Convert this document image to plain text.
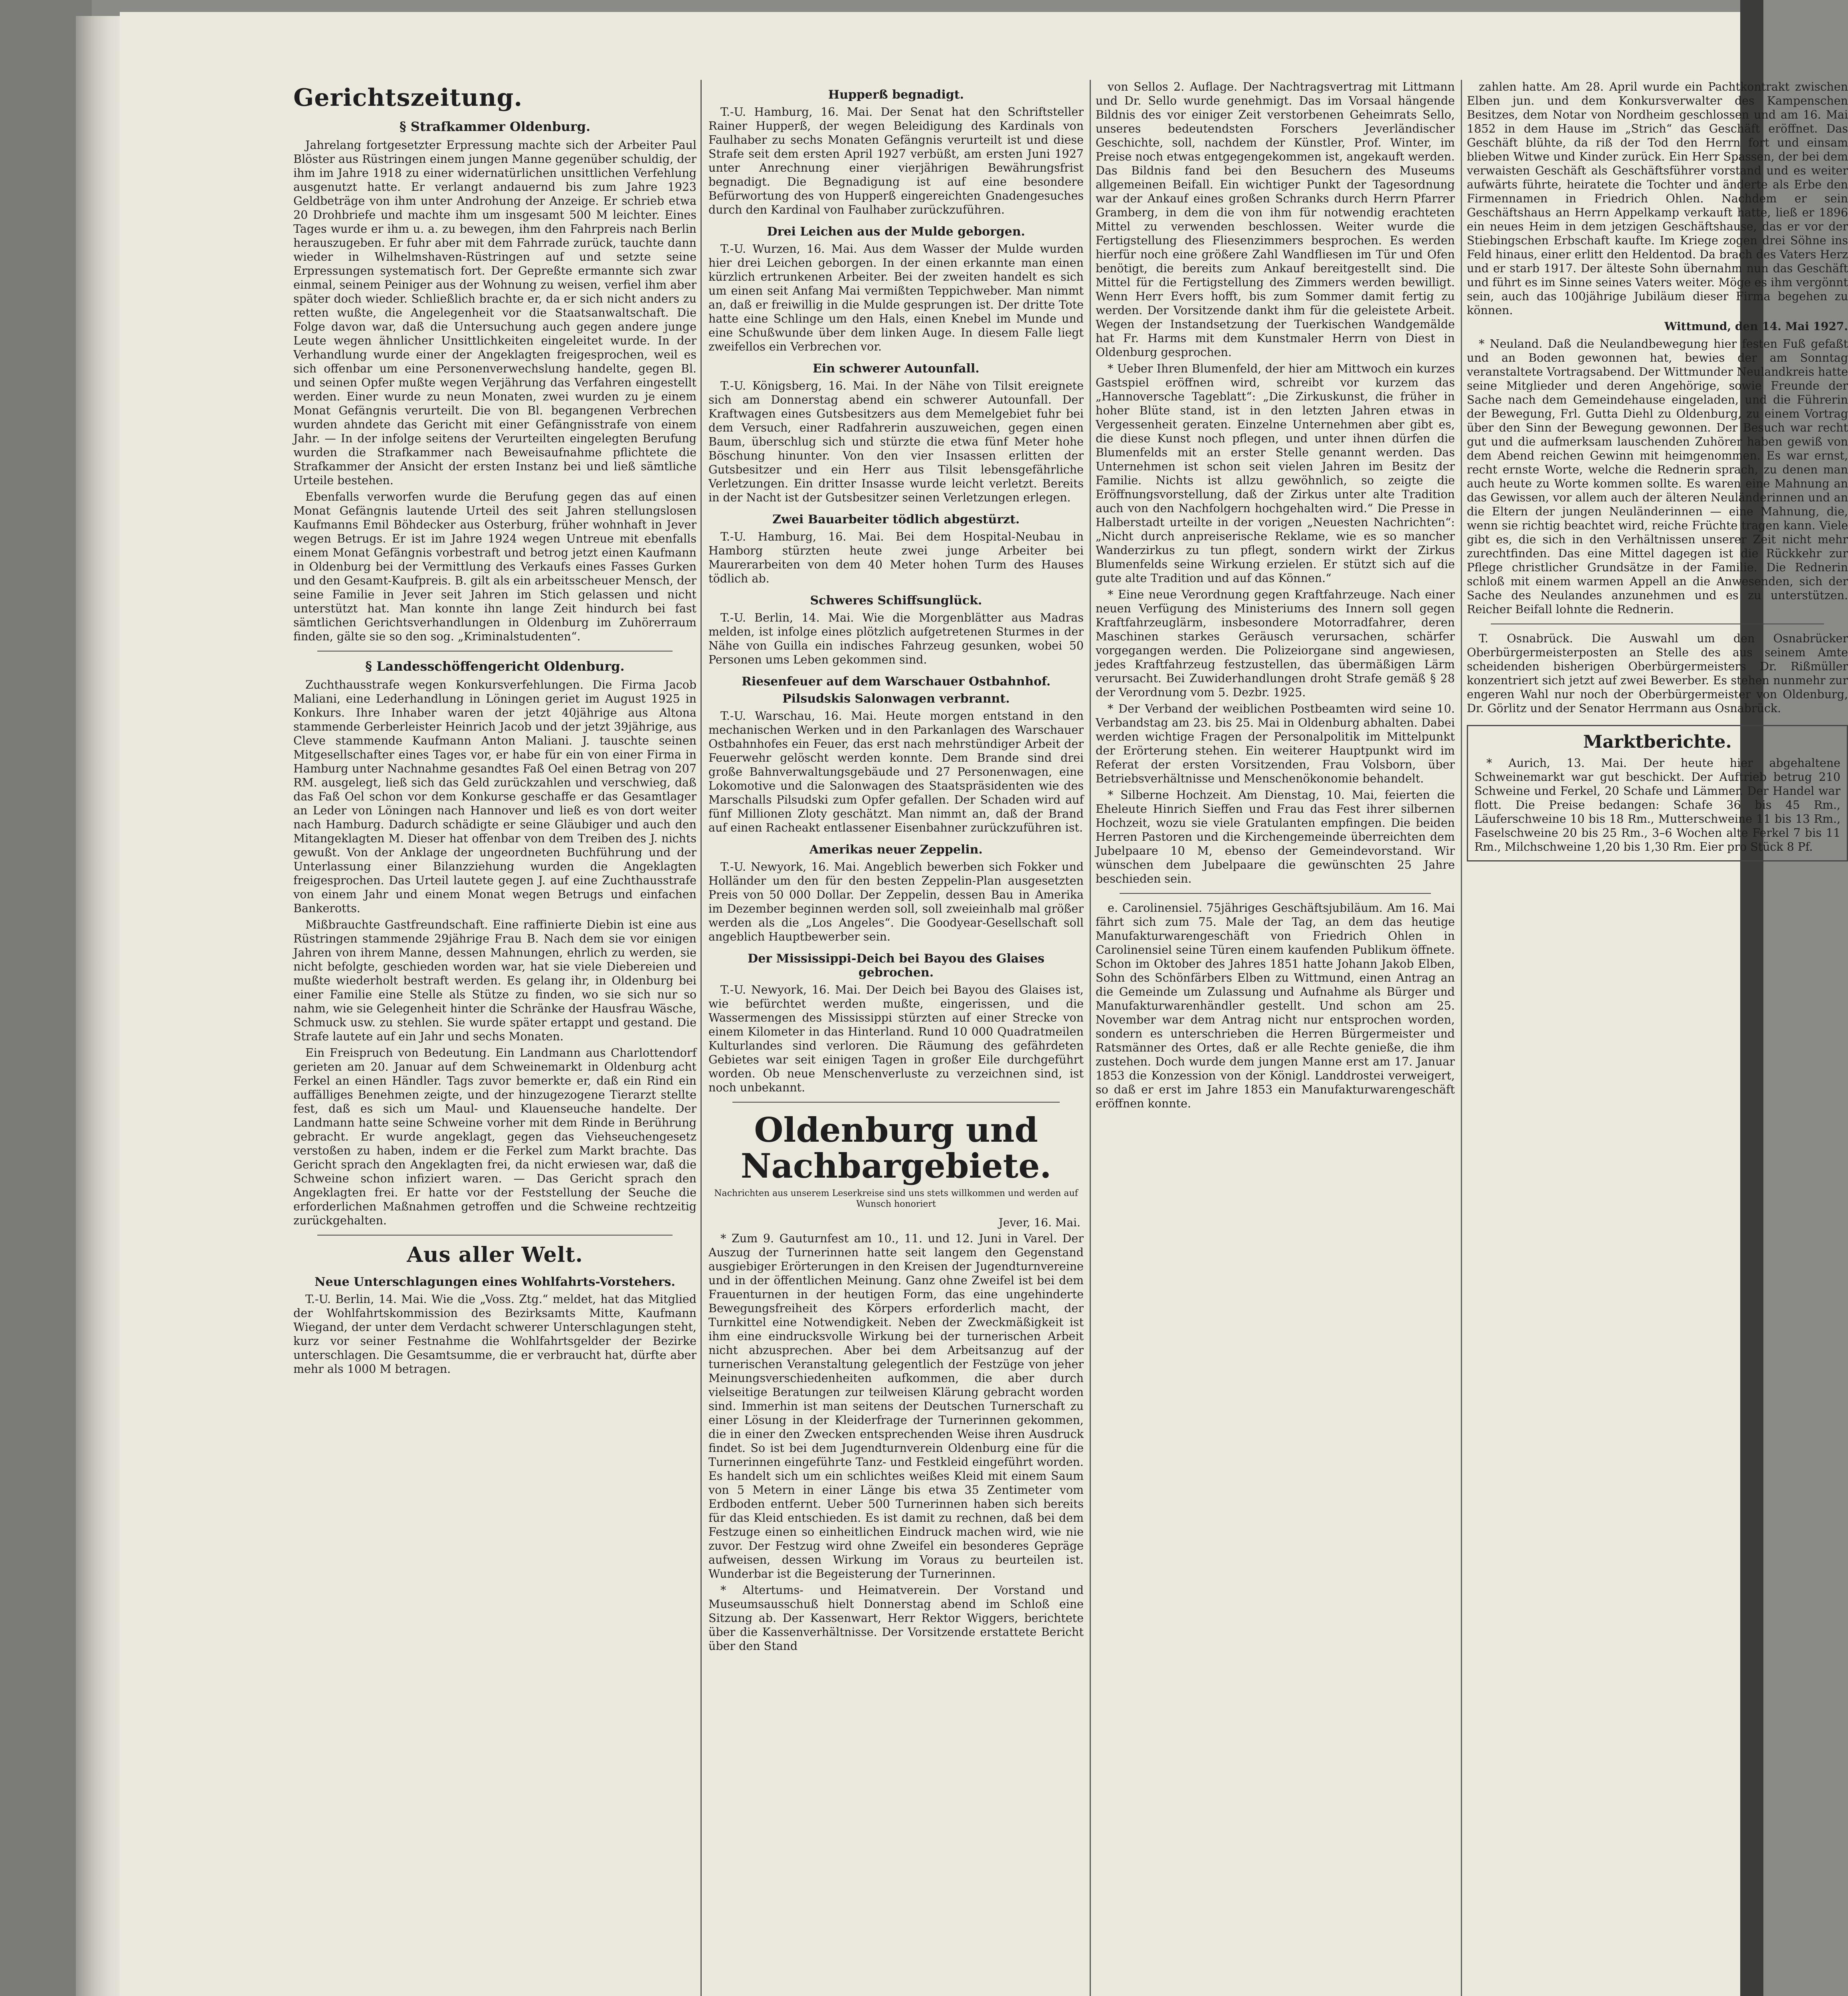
Gerichtszeitung.
§ Strafkammer Oldenburg.

Jahrelang fortgesetzter Erpressung machte sich der Arbeiter Paul Blöster aus Rüstringen einem jungen Manne gegenüber schuldig, der ihm im Jahre 1918 zu einer widernatürlichen unsittlichen Verfehlung ausgenutzt hatte. Er verlangt andauernd bis zum Jahre 1923 Geldbeträge von ihm unter Androhung der Anzeige. Er schrieb etwa 20 Drohbriefe und machte ihm um insgesamt 500 M leichter. Eines Tages wurde er ihm u. a. zu bewegen, ihm den Fahrpreis nach Berlin herauszugeben. Er fuhr aber mit dem Fahrrade zurück, tauchte dann wieder in Wilhelmshaven-Rüstringen auf und setzte seine Erpressungen systematisch fort. Der Gepreßte ermannte sich zwar einmal, seinem Peiniger aus der Wohnung zu weisen, verfiel ihm aber später doch wieder. Schließlich brachte er, da er sich nicht anders zu retten wußte, die Angelegenheit vor die Staatsanwaltschaft. Die Folge davon war, daß die Untersuchung auch gegen andere junge Leute wegen ähnlicher Unsittlichkeiten eingeleitet wurde. In der Verhandlung wurde einer der Angeklagten freigesprochen, weil es sich offenbar um eine Personenverwechslung handelte, gegen Bl. und seinen Opfer mußte wegen Verjährung das Verfahren eingestellt werden. Einer wurde zu neun Monaten, zwei wurden zu je einem Monat Gefängnis verurteilt. Die von Bl. begangenen Verbrechen wurden ahndete das Gericht mit einer Gefängnisstrafe von einem Jahr. — In der infolge seitens der Verurteilten eingelegten Berufung wurden die Strafkammer nach Beweisaufnahme pflichtete die Strafkammer der Ansicht der ersten Instanz bei und ließ sämtliche Urteile bestehen.

Ebenfalls verworfen wurde die Berufung gegen das auf einen Monat Gefängnis lautende Urteil des seit Jahren stellungslosen Kaufmanns Emil Böhdecker aus Osterburg, früher wohnhaft in Jever wegen Betrugs. Er ist im Jahre 1924 wegen Untreue mit ebenfalls einem Monat Gefängnis vorbestraft und betrog jetzt einen Kaufmann in Oldenburg bei der Vermittlung des Verkaufs eines Fasses Gurken und den Gesamt-Kaufpreis. B. gilt als ein arbeitsscheuer Mensch, der seine Familie in Jever seit Jahren im Stich gelassen und nicht unterstützt hat. Man konnte ihn lange Zeit hindurch bei fast sämtlichen Gerichtsverhandlungen in Oldenburg im Zuhörerraum finden, gälte sie so den sog. „Kriminalstudenten“.

§ Landesschöffengericht Oldenburg.

Zuchthausstrafe wegen Konkursverfehlungen. Die Firma Jacob Maliani, eine Lederhandlung in Löningen geriet im August 1925 in Konkurs. Ihre Inhaber waren der jetzt 40jährige aus Altona stammende Gerberleister Heinrich Jacob und der jetzt 39jährige, aus Cleve stammende Kaufmann Anton Maliani. J. tauschte seinen Mitgesellschafter eines Tages vor, er habe für ein von einer Firma in Hamburg unter Nachnahme gesandtes Faß Oel einen Betrag von 207 RM. ausgelegt, ließ sich das Geld zurückzahlen und verschwieg, daß das Faß Oel schon vor dem Konkurse geschaffe er das Gesamtlager an Leder von Löningen nach Hannover und ließ es von dort weiter nach Hamburg. Dadurch schädigte er seine Gläubiger und auch den Mitangeklagten M. Dieser hat offenbar von dem Treiben des J. nichts gewußt. Von der Anklage der ungeordneten Buchführung und der Unterlassung einer Bilanzziehung wurden die Angeklagten freigesprochen. Das Urteil lautete gegen J. auf eine Zuchthausstrafe von einem Jahr und einem Monat wegen Betrugs und einfachen Bankerotts.

Mißbrauchte Gastfreundschaft. Eine raffinierte Diebin ist eine aus Rüstringen stammende 29jährige Frau B. Nach dem sie vor einigen Jahren von ihrem Manne, dessen Mahnungen, ehrlich zu werden, sie nicht befolgte, geschieden worden war, hat sie viele Diebereien und mußte wiederholt bestraft werden. Es gelang ihr, in Oldenburg bei einer Familie eine Stelle als Stütze zu finden, wo sie sich nur so nahm, wie sie Gelegenheit hinter die Schränke der Hausfrau Wäsche, Schmuck usw. zu stehlen. Sie wurde später ertappt und gestand. Die Strafe lautete auf ein Jahr und sechs Monaten.

Ein Freispruch von Bedeutung. Ein Landmann aus Charlottendorf gerieten am 20. Januar auf dem Schweinemarkt in Oldenburg acht Ferkel an einen Händler. Tags zuvor bemerkte er, daß ein Rind ein auffälliges Benehmen zeigte, und der hinzugezogene Tierarzt stellte fest, daß es sich um Maul- und Klauenseuche handelte. Der Landmann hatte seine Schweine vorher mit dem Rinde in Berührung gebracht. Er wurde angeklagt, gegen das Viehseuchengesetz verstoßen zu haben, indem er die Ferkel zum Markt brachte. Das Gericht sprach den Angeklagten frei, da nicht erwiesen war, daß die Schweine schon infiziert waren. — Das Gericht sprach den Angeklagten frei. Er hatte vor der Feststellung der Seuche die erforderlichen Maßnahmen getroffen und die Schweine rechtzeitig zurückgehalten.

Aus aller Welt.
Neue Unterschlagungen eines Wohlfahrts-Vorstehers.

T.-U. Berlin, 14. Mai. Wie die „Voss. Ztg.“ meldet, hat das Mitglied der Wohlfahrtskommission des Bezirksamts Mitte, Kaufmann Wiegand, der unter dem Verdacht schwerer Unterschlagungen steht, kurz vor seiner Festnahme die Wohlfahrtsgelder der Bezirke unterschlagen. Die Gesamtsumme, die er verbraucht hat, dürfte aber mehr als 1000 M betragen.

Hupperß begnadigt.

T.-U. Hamburg, 16. Mai. Der Senat hat den Schriftsteller Rainer Hupperß, der wegen Beleidigung des Kardinals von Faulhaber zu sechs Monaten Gefängnis verurteilt ist und diese Strafe seit dem ersten April 1927 verbüßt, am ersten Juni 1927 unter Anrechnung einer vierjährigen Bewährungsfrist begnadigt. Die Begnadigung ist auf eine besondere Befürwortung des von Hupperß eingereichten Gnadengesuches durch den Kardinal von Faulhaber zurückzuführen.

Drei Leichen aus der Mulde geborgen.

T.-U. Wurzen, 16. Mai. Aus dem Wasser der Mulde wurden hier drei Leichen geborgen. In der einen erkannte man einen kürzlich ertrunkenen Arbeiter. Bei der zweiten handelt es sich um einen seit Anfang Mai vermißten Teppichweber. Man nimmt an, daß er freiwillig in die Mulde gesprungen ist. Der dritte Tote hatte eine Schlinge um den Hals, einen Knebel im Munde und eine Schußwunde über dem linken Auge. In diesem Falle liegt zweifellos ein Verbrechen vor.

Ein schwerer Autounfall.

T.-U. Königsberg, 16. Mai. In der Nähe von Tilsit ereignete sich am Donnerstag abend ein schwerer Autounfall. Der Kraftwagen eines Gutsbesitzers aus dem Memelgebiet fuhr bei dem Versuch, einer Radfahrerin auszuweichen, gegen einen Baum, überschlug sich und stürzte die etwa fünf Meter hohe Böschung hinunter. Von den vier Insassen erlitten der Gutsbesitzer und ein Herr aus Tilsit lebensgefährliche Verletzungen. Ein dritter Insasse wurde leicht verletzt. Bereits in der Nacht ist der Gutsbesitzer seinen Verletzungen erlegen.

Zwei Bauarbeiter tödlich abgestürzt.

T.-U. Hamburg, 16. Mai. Bei dem Hospital-Neubau in Hamborg stürzten heute zwei junge Arbeiter bei Maurerarbeiten von dem 40 Meter hohen Turm des Hauses tödlich ab.

Schweres Schiffsunglück.

T.-U. Berlin, 14. Mai. Wie die Morgenblätter aus Madras melden, ist infolge eines plötzlich aufgetretenen Sturmes in der Nähe von Guilla ein indisches Fahrzeug gesunken, wobei 50 Personen ums Leben gekommen sind.

Riesenfeuer auf dem Warschauer Ostbahnhof.
Pilsudskis Salonwagen verbrannt.

T.-U. Warschau, 16. Mai. Heute morgen entstand in den mechanischen Werken und in den Parkanlagen des Warschauer Ostbahnhofes ein Feuer, das erst nach mehrstündiger Arbeit der Feuerwehr gelöscht werden konnte. Dem Brande sind drei große Bahnverwaltungsgebäude und 27 Personenwagen, eine Lokomotive und die Salonwagen des Staatspräsidenten wie des Marschalls Pilsudski zum Opfer gefallen. Der Schaden wird auf fünf Millionen Zloty geschätzt. Man nimmt an, daß der Brand auf einen Racheakt entlassener Eisenbahner zurückzuführen ist.

Amerikas neuer Zeppelin.

T.-U. Newyork, 16. Mai. Angeblich bewerben sich Fokker und Holländer um den für den besten Zeppelin-Plan ausgesetzten Preis von 50 000 Dollar. Der Zeppelin, dessen Bau in Amerika im Dezember beginnen werden soll, soll zweieinhalb mal größer werden als die „Los Angeles“. Die Goodyear-Gesellschaft soll angeblich Hauptbewerber sein.

Der Mississippi-Deich bei Bayou des Glaises gebrochen.

T.-U. Newyork, 16. Mai. Der Deich bei Bayou des Glaises ist, wie befürchtet werden mußte, eingerissen, und die Wassermengen des Mississippi stürzten auf einer Strecke von einem Kilometer in das Hinterland. Rund 10 000 Quadratmeilen Kulturlandes sind verloren. Die Räumung des gefährdeten Gebietes war seit einigen Tagen in großer Eile durchgeführt worden. Ob neue Menschenverluste zu verzeichnen sind, ist noch unbekannt.

Oldenburg und Nachbargebiete.
Nachrichten aus unserem Leserkreise sind uns stets willkommen und werden auf Wunsch honoriert
Jever, 16. Mai.

* Zum 9. Gauturnfest am 10., 11. und 12. Juni in Varel. Der Auszug der Turnerinnen hatte seit langem den Gegenstand ausgiebiger Erörterungen in den Kreisen der Jugendturnvereine und in der öffentlichen Meinung. Ganz ohne Zweifel ist bei dem Frauenturnen in der heutigen Form, das eine ungehinderte Bewegungsfreiheit des Körpers erforderlich macht, der Turnkittel eine Notwendigkeit. Neben der Zweckmäßigkeit ist ihm eine eindrucksvolle Wirkung bei der turnerischen Arbeit nicht abzusprechen. Aber bei dem Arbeitsanzug auf der turnerischen Veranstaltung gelegentlich der Festzüge von jeher Meinungsverschiedenheiten aufkommen, die aber durch vielseitige Beratungen zur teilweisen Klärung gebracht worden sind. Immerhin ist man seitens der Deutschen Turnerschaft zu einer Lösung in der Kleiderfrage der Turnerinnen gekommen, die in einer den Zwecken entsprechenden Weise ihren Ausdruck findet. So ist bei dem Jugendturnverein Oldenburg eine für die Turnerinnen eingeführte Tanz- und Festkleid eingeführt worden. Es handelt sich um ein schlichtes weißes Kleid mit einem Saum von 5 Metern in einer Länge bis etwa 35 Zentimeter vom Erdboden entfernt. Ueber 500 Turnerinnen haben sich bereits für das Kleid entschieden. Es ist damit zu rechnen, daß bei dem Festzuge einen so einheitlichen Eindruck machen wird, wie nie zuvor. Der Festzug wird ohne Zweifel ein besonderes Gepräge aufweisen, dessen Wirkung im Voraus zu beurteilen ist. Wunderbar ist die Begeisterung der Turnerinnen.

* Altertums- und Heimatverein. Der Vorstand und Museumsausschuß hielt Donnerstag abend im Schloß eine Sitzung ab. Der Kassenwart, Herr Rektor Wiggers, berichtete über die Kassenverhältnisse. Der Vorsitzende erstattete Bericht über den Stand

von Sellos 2. Auflage. Der Nachtragsvertrag mit Littmann und Dr. Sello wurde genehmigt. Das im Vorsaal hängende Bildnis des vor einiger Zeit verstorbenen Geheimrats Sello, unseres bedeutendsten Forschers Jeverländischer Geschichte, soll, nachdem der Künstler, Prof. Winter, im Preise noch etwas entgegengekommen ist, angekauft werden. Das Bildnis fand bei den Besuchern des Museums allgemeinen Beifall. Ein wichtiger Punkt der Tagesordnung war der Ankauf eines großen Schranks durch Herrn Pfarrer Gramberg, in dem die von ihm für notwendig erachteten Mittel zu verwenden beschlossen. Weiter wurde die Fertigstellung des Fliesenzimmers besprochen. Es werden hierfür noch eine größere Zahl Wandfliesen im Tür und Ofen benötigt, die bereits zum Ankauf bereitgestellt sind. Die Mittel für die Fertigstellung des Zimmers werden bewilligt. Wenn Herr Evers hofft, bis zum Sommer damit fertig zu werden. Der Vorsitzende dankt ihm für die geleistete Arbeit. Wegen der Instandsetzung der Tuerkischen Wandgemälde hat Fr. Harms mit dem Kunstmaler Herrn von Diest in Oldenburg gesprochen.

* Ueber Ihren Blumenfeld, der hier am Mittwoch ein kurzes Gastspiel eröffnen wird, schreibt vor kurzem das „Hannoversche Tageblatt“: „Die Zirkuskunst, die früher in hoher Blüte stand, ist in den letzten Jahren etwas in Vergessenheit geraten. Einzelne Unternehmen aber gibt es, die diese Kunst noch pflegen, und unter ihnen dürfen die Blumenfelds mit an erster Stelle genannt werden. Das Unternehmen ist schon seit vielen Jahren im Besitz der Familie. Nichts ist allzu gewöhnlich, so zeigte die Eröffnungsvorstellung, daß der Zirkus unter alte Tradition auch von den Nachfolgern hochgehalten wird.“ Die Presse in Halberstadt urteilte in der vorigen „Neuesten Nachrichten“: „Nicht durch anpreiserische Reklame, wie es so mancher Wanderzirkus zu tun pflegt, sondern wirkt der Zirkus Blumenfelds seine Wirkung erzielen. Er stützt sich auf die gute alte Tradition und auf das Können.“

* Eine neue Verordnung gegen Kraftfahrzeuge. Nach einer neuen Verfügung des Ministeriums des Innern soll gegen Kraftfahrzeuglärm, insbesondere Motorradfahrer, deren Maschinen starkes Geräusch verursachen, schärfer vorgegangen werden. Die Polizeiorgane sind angewiesen, jedes Kraftfahrzeug festzustellen, das übermäßigen Lärm verursacht. Bei Zuwiderhandlungen droht Strafe gemäß § 28 der Verordnung vom 5. Dezbr. 1925.

* Der Verband der weiblichen Postbeamten wird seine 10. Verbandstag am 23. bis 25. Mai in Oldenburg abhalten. Dabei werden wichtige Fragen der Personalpolitik im Mittelpunkt der Erörterung stehen. Ein weiterer Hauptpunkt wird im Referat der ersten Vorsitzenden, Frau Volsborn, über Betriebsverhältnisse und Menschenökonomie behandelt.

* Silberne Hochzeit. Am Dienstag, 10. Mai, feierten die Eheleute Hinrich Sieffen und Frau das Fest ihrer silbernen Hochzeit, wozu sie viele Gratulanten empfingen. Die beiden Herren Pastoren und die Kirchengemeinde überreichten dem Jubelpaare 10 M, ebenso der Gemeindevorstand. Wir wünschen dem Jubelpaare die gewünschten 25 Jahre beschieden sein.

e. Carolinensiel. 75jähriges Geschäftsjubiläum. Am 16. Mai fährt sich zum 75. Male der Tag, an dem das heutige Manufakturwarengeschäft von Friedrich Ohlen in Carolinensiel seine Türen einem kaufenden Publikum öffnete. Schon im Oktober des Jahres 1851 hatte Johann Jakob Elben, Sohn des Schönfärbers Elben zu Wittmund, einen Antrag an die Gemeinde um Zulassung und Aufnahme als Bürger und Manufakturwarenhändler gestellt. Und schon am 25. November war dem Antrag nicht nur entsprochen worden, sondern es unterschrieben die Herren Bürgermeister und Ratsmänner des Ortes, daß er alle Rechte genieße, die ihm zustehen. Doch wurde dem jungen Manne erst am 17. Januar 1853 die Konzession von der Königl. Landdrostei verweigert, so daß er erst im Jahre 1853 ein Manufakturwarengeschäft eröffnen konnte.

zahlen hatte. Am 28. April wurde ein Pachtkontrakt zwischen Elben jun. und dem Konkursverwalter des Kampenschen Besitzes, dem Notar von Nordheim geschlossen und am 16. Mai 1852 in dem Hause im „Strich“ das Geschäft eröffnet. Das Geschäft blühte, da riß der Tod den Herrn fort und einsam blieben Witwe und Kinder zurück. Ein Herr Spassen, der bei dem verwaisten Geschäft als Geschäftsführer vorstand und es weiter aufwärts führte, heiratete die Tochter und änderte als Erbe den Firmennamen in Friedrich Ohlen. Nachdem er sein Geschäftshaus an Herrn Appelkamp verkauft hatte, ließ er 1896 ein neues Heim in dem jetzigen Geschäftshause, das er vor der Stiebingschen Erbschaft kaufte. Im Kriege zogen drei Söhne ins Feld hinaus, einer erlitt den Heldentod. Da brach des Vaters Herz und er starb 1917. Der älteste Sohn übernahm nun das Geschäft und führt es im Sinne seines Vaters weiter. Möge es ihm vergönnt sein, auch das 100jährige Jubiläum dieser Firma begehen zu können.

Wittmund, den 14. Mai 1927.

* Neuland. Daß die Neulandbewegung hier festen Fuß gefaßt und an Boden gewonnen hat, bewies der am Sonntag veranstaltete Vortragsabend. Der Wittmunder Neulandkreis hatte seine Mitglieder und deren Angehörige, sowie Freunde der Sache nach dem Gemeindehause eingeladen, und die Führerin der Bewegung, Frl. Gutta Diehl zu Oldenburg, zu einem Vortrag über den Sinn der Bewegung gewonnen. Der Besuch war recht gut und die aufmerksam lauschenden Zuhörer haben gewiß von dem Abend reichen Gewinn mit heimgenommen. Es war ernst, recht ernste Worte, welche die Rednerin sprach, zu denen man auch heute zu Worte kommen sollte. Es waren eine Mahnung an das Gewissen, vor allem auch der älteren Neuländerinnen und an die Eltern der jungen Neuländerinnen — eine Mahnung, die, wenn sie richtig beachtet wird, reiche Früchte tragen kann. Viele gibt es, die sich in den Verhältnissen unserer Zeit nicht mehr zurechtfinden. Das eine Mittel dagegen ist die Rückkehr zur Pflege christlicher Grundsätze in der Familie. Die Rednerin schloß mit einem warmen Appell an die Anwesenden, sich der Sache des Neulandes anzunehmen und es zu unterstützen. Reicher Beifall lohnte die Rednerin.

T. Osnabrück. Die Auswahl um den Osnabrücker Oberbürgermeisterposten an Stelle des aus seinem Amte scheidenden bisherigen Oberbürgermeisters Dr. Rißmüller konzentriert sich jetzt auf zwei Bewerber. Es stehen nunmehr zur engeren Wahl nur noch der Oberbürgermeister von Oldenburg, Dr. Görlitz und der Senator Herrmann aus Osnabrück.

Marktberichte.

* Aurich, 13. Mai. Der heute hier abgehaltene Schweinemarkt war gut beschickt. Der Auftrieb betrug 210 Schweine und Ferkel, 20 Schafe und Lämmer. Der Handel war flott. Die Preise bedangen: Schafe 36 bis 45 Rm., Läuferschweine 10 bis 18 Rm., Mutterschweine 11 bis 13 Rm., Faselschweine 20 bis 25 Rm., 3–6 Wochen alte Ferkel 7 bis 11 Rm., Milchschweine 1,20 bis 1,30 Rm. Eier pro Stück 8 Pf.
